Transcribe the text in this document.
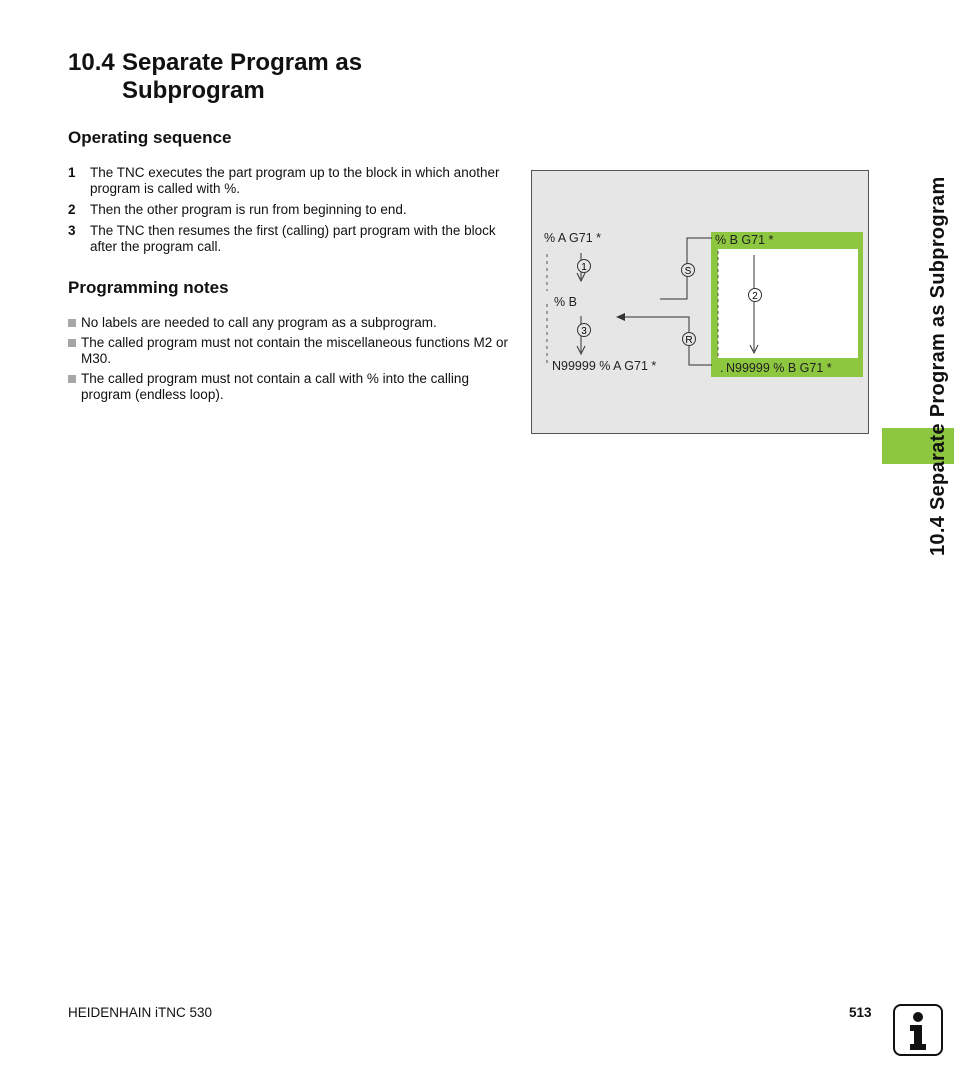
10.4 Separate Program as
Subprogram
Operating sequence
1 The TNC executes the part program up to the block in which another program is called with %.
2 Then the other program is run from beginning to end.
3 The TNC then resumes the first (calling) part program with the block after the program call.
Programming notes
No labels are needed to call any program as a subprogram.
The called program must not contain the miscellaneous functions M2 or M30.
The called program must not contain a call with % into the calling program (endless loop).
1
3
2
S
R
% A G71 *
% B
N99999 % A G71 *
% B G71 *
N99999 % B G71 *
.	10.4 Separate Program as Subprogram
HEIDENHAIN iTNC 530	513
